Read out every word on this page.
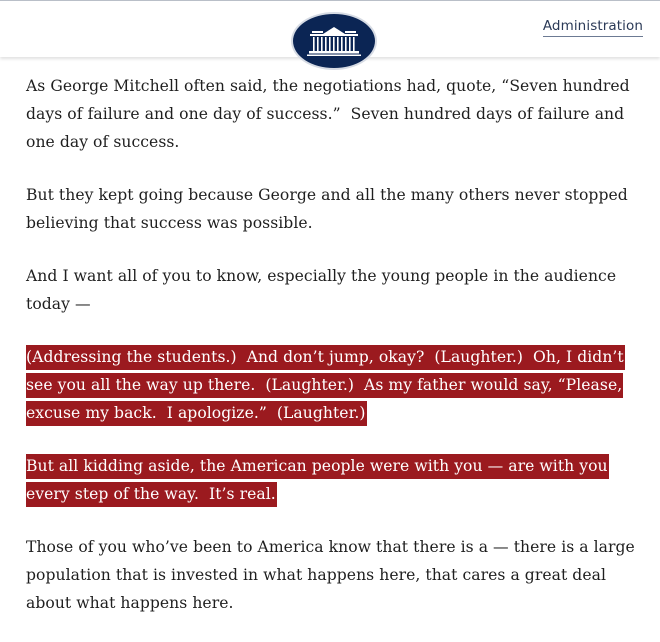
Administration

As George Mitchell often said, the negotiations had, quote, “Seven hundred days of failure and one day of success.”  Seven hundred days of failure and one day of success.

But they kept going because George and all the many others never stopped believing that success was possible.

And I want all of you to know, especially the young people in the audience today —

(Addressing the students.)  And don’t jump, okay?  (Laughter.)  Oh, I didn’t see you all the way up there.  (Laughter.)  As my father would say, “Please, excuse my back.  I apologize.”  (Laughter.)

But all kidding aside, the American people were with you — are with you every step of the way.  It’s real.

Those of you who’ve been to America know that there is a — there is a large population that is invested in what happens here, that cares a great deal about what happens here.
